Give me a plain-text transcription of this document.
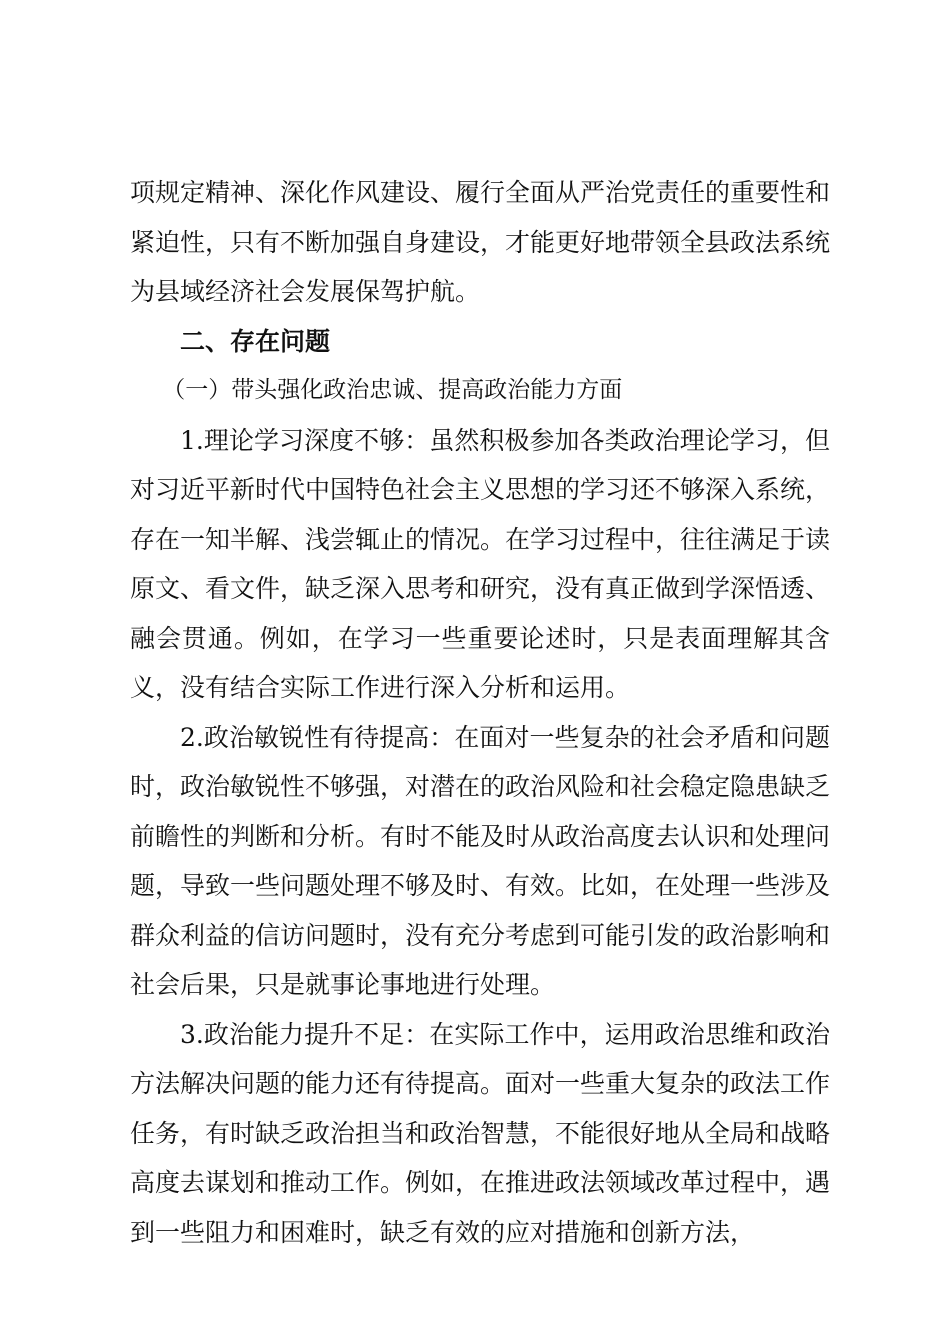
项规定精神、深化作风建设、履行全面从严治党责任的重要性和紧迫性，只有不断加强自身建设，才能更好地带领全县政法系统为县域经济社会发展保驾护航。

二、存在问题

（一）带头强化政治忠诚、提高政治能力方面

1.理论学习深度不够：虽然积极参加各类政治理论学习，但对习近平新时代中国特色社会主义思想的学习还不够深入系统，存在一知半解、浅尝辄止的情况。在学习过程中，往往满足于读原文、看文件，缺乏深入思考和研究，没有真正做到学深悟透、融会贯通。例如，在学习一些重要论述时，只是表面理解其含义，没有结合实际工作进行深入分析和运用。

2.政治敏锐性有待提高：在面对一些复杂的社会矛盾和问题时，政治敏锐性不够强，对潜在的政治风险和社会稳定隐患缺乏前瞻性的判断和分析。有时不能及时从政治高度去认识和处理问题，导致一些问题处理不够及时、有效。比如，在处理一些涉及群众利益的信访问题时，没有充分考虑到可能引发的政治影响和社会后果，只是就事论事地进行处理。

3.政治能力提升不足：在实际工作中，运用政治思维和政治方法解决问题的能力还有待提高。面对一些重大复杂的政法工作任务，有时缺乏政治担当和政治智慧，不能很好地从全局和战略高度去谋划和推动工作。例如，在推进政法领域改革过程中，遇到一些阻力和困难时，缺乏有效的应对措施和创新方法，
